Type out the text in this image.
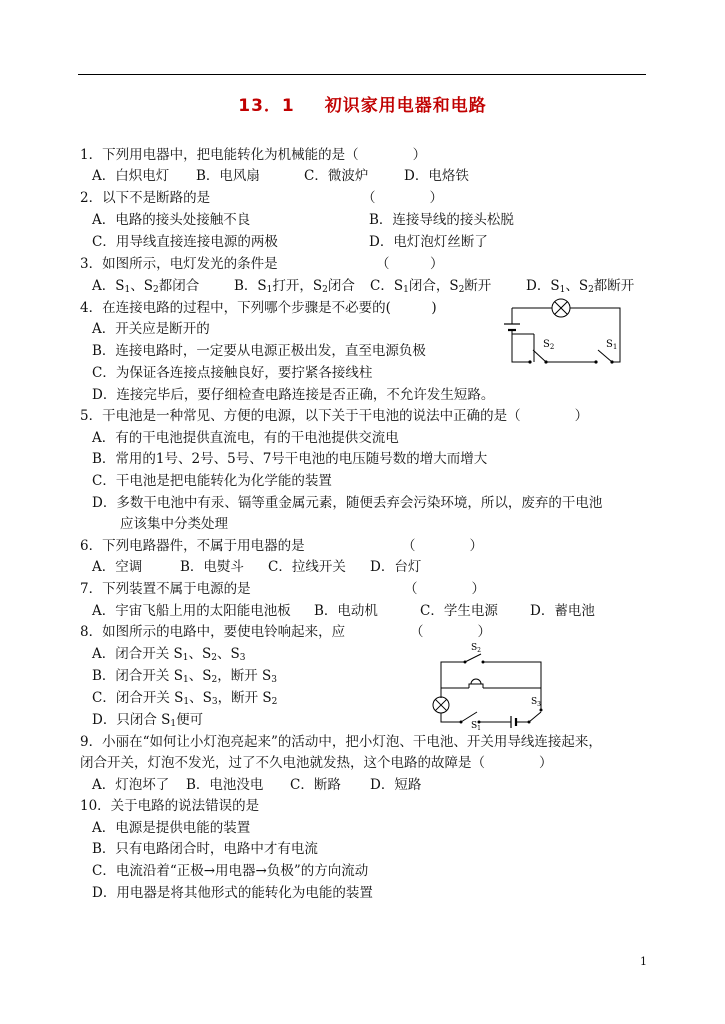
13．1 初识家用电器和电路
1．下列用电器中，把电能转化为机械能的是（　　　　）
A．白炽电灯 B．电风扇	C．微波炉	D．电烙铁
2．以下不是断路的是	（　　　　）
A．电路的接头处接触不良	B．连接导线的接头松脱
C．用导线直接连接电源的两极	D．电灯泡灯丝断了
3．如图所示，电灯发光的条件是	（　　　）
A．$S_1$、$S_2$都闭合	B．$S_1$打开，$S_2$闭合 C．$S_1$闭合，$S_2$断开	D．$S_1$、$S_2$都断开
4．在连接电路的过程中，下列哪个步骤是不必要的(　　　)
A．开关应是断开的
B．连接电路时，一定要从电源正极出发，直至电源负极
C．为保证各连接点接触良好，要拧紧各接线柱
D．连接完毕后，要仔细检查电路连接是否正确，不允许发生短路。
$S_2$	$S_1$
5．干电池是一种常见、方便的电源，以下关于干电池的说法中正确的是（　　　　）
A．有的干电池提供直流电，有的干电池提供交流电
B．常用的1号、2号、5号、7号干电池的电压随号数的增大而增大
C．干电池是把电能转化为化学能的装置
D．多数干电池中有汞、镉等重金属元素，随便丢弃会污染环境，所以，废弃的干电池
应该集中分类处理
6．下列电路器件，不属于用电器的是	（　　　　）
A．空调	B．电熨斗 C．拉线开关 D．台灯
7．下列装置不属于电源的是	（　　　　）
A．宇宙飞船上用的太阳能电池板 B．电动机	C．学生电源 D．蓄电池
8．如图所示的电路中，要使电铃响起来，应	（　　　　）
A．闭合开关 $S_1$、$S_2$、$S_3$
B．闭合开关 $S_1$、$S_2$，断开 $S_3$
C．闭合开关 $S_1$、$S_3$，断开 $S_2$
D．只闭合 $S_1$便可
$S_2$
$S_3$
$S_1$
9．小丽在“如何让小灯泡亮起来”的活动中，把小灯泡、干电池、开关用导线连接起来，
闭合开关，灯泡不发光，过了不久电池就发热，这个电路的故障是（　　　　）
A．灯泡坏了 B．电池没电 C．断路 D．短路
10．关于电路的说法错误的是
A．电源是提供电能的装置
B．只有电路闭合时，电路中才有电流
C．电流沿着“正极→用电器→负极”的方向流动
D．用电器是将其他形式的能转化为电能的装置
1
